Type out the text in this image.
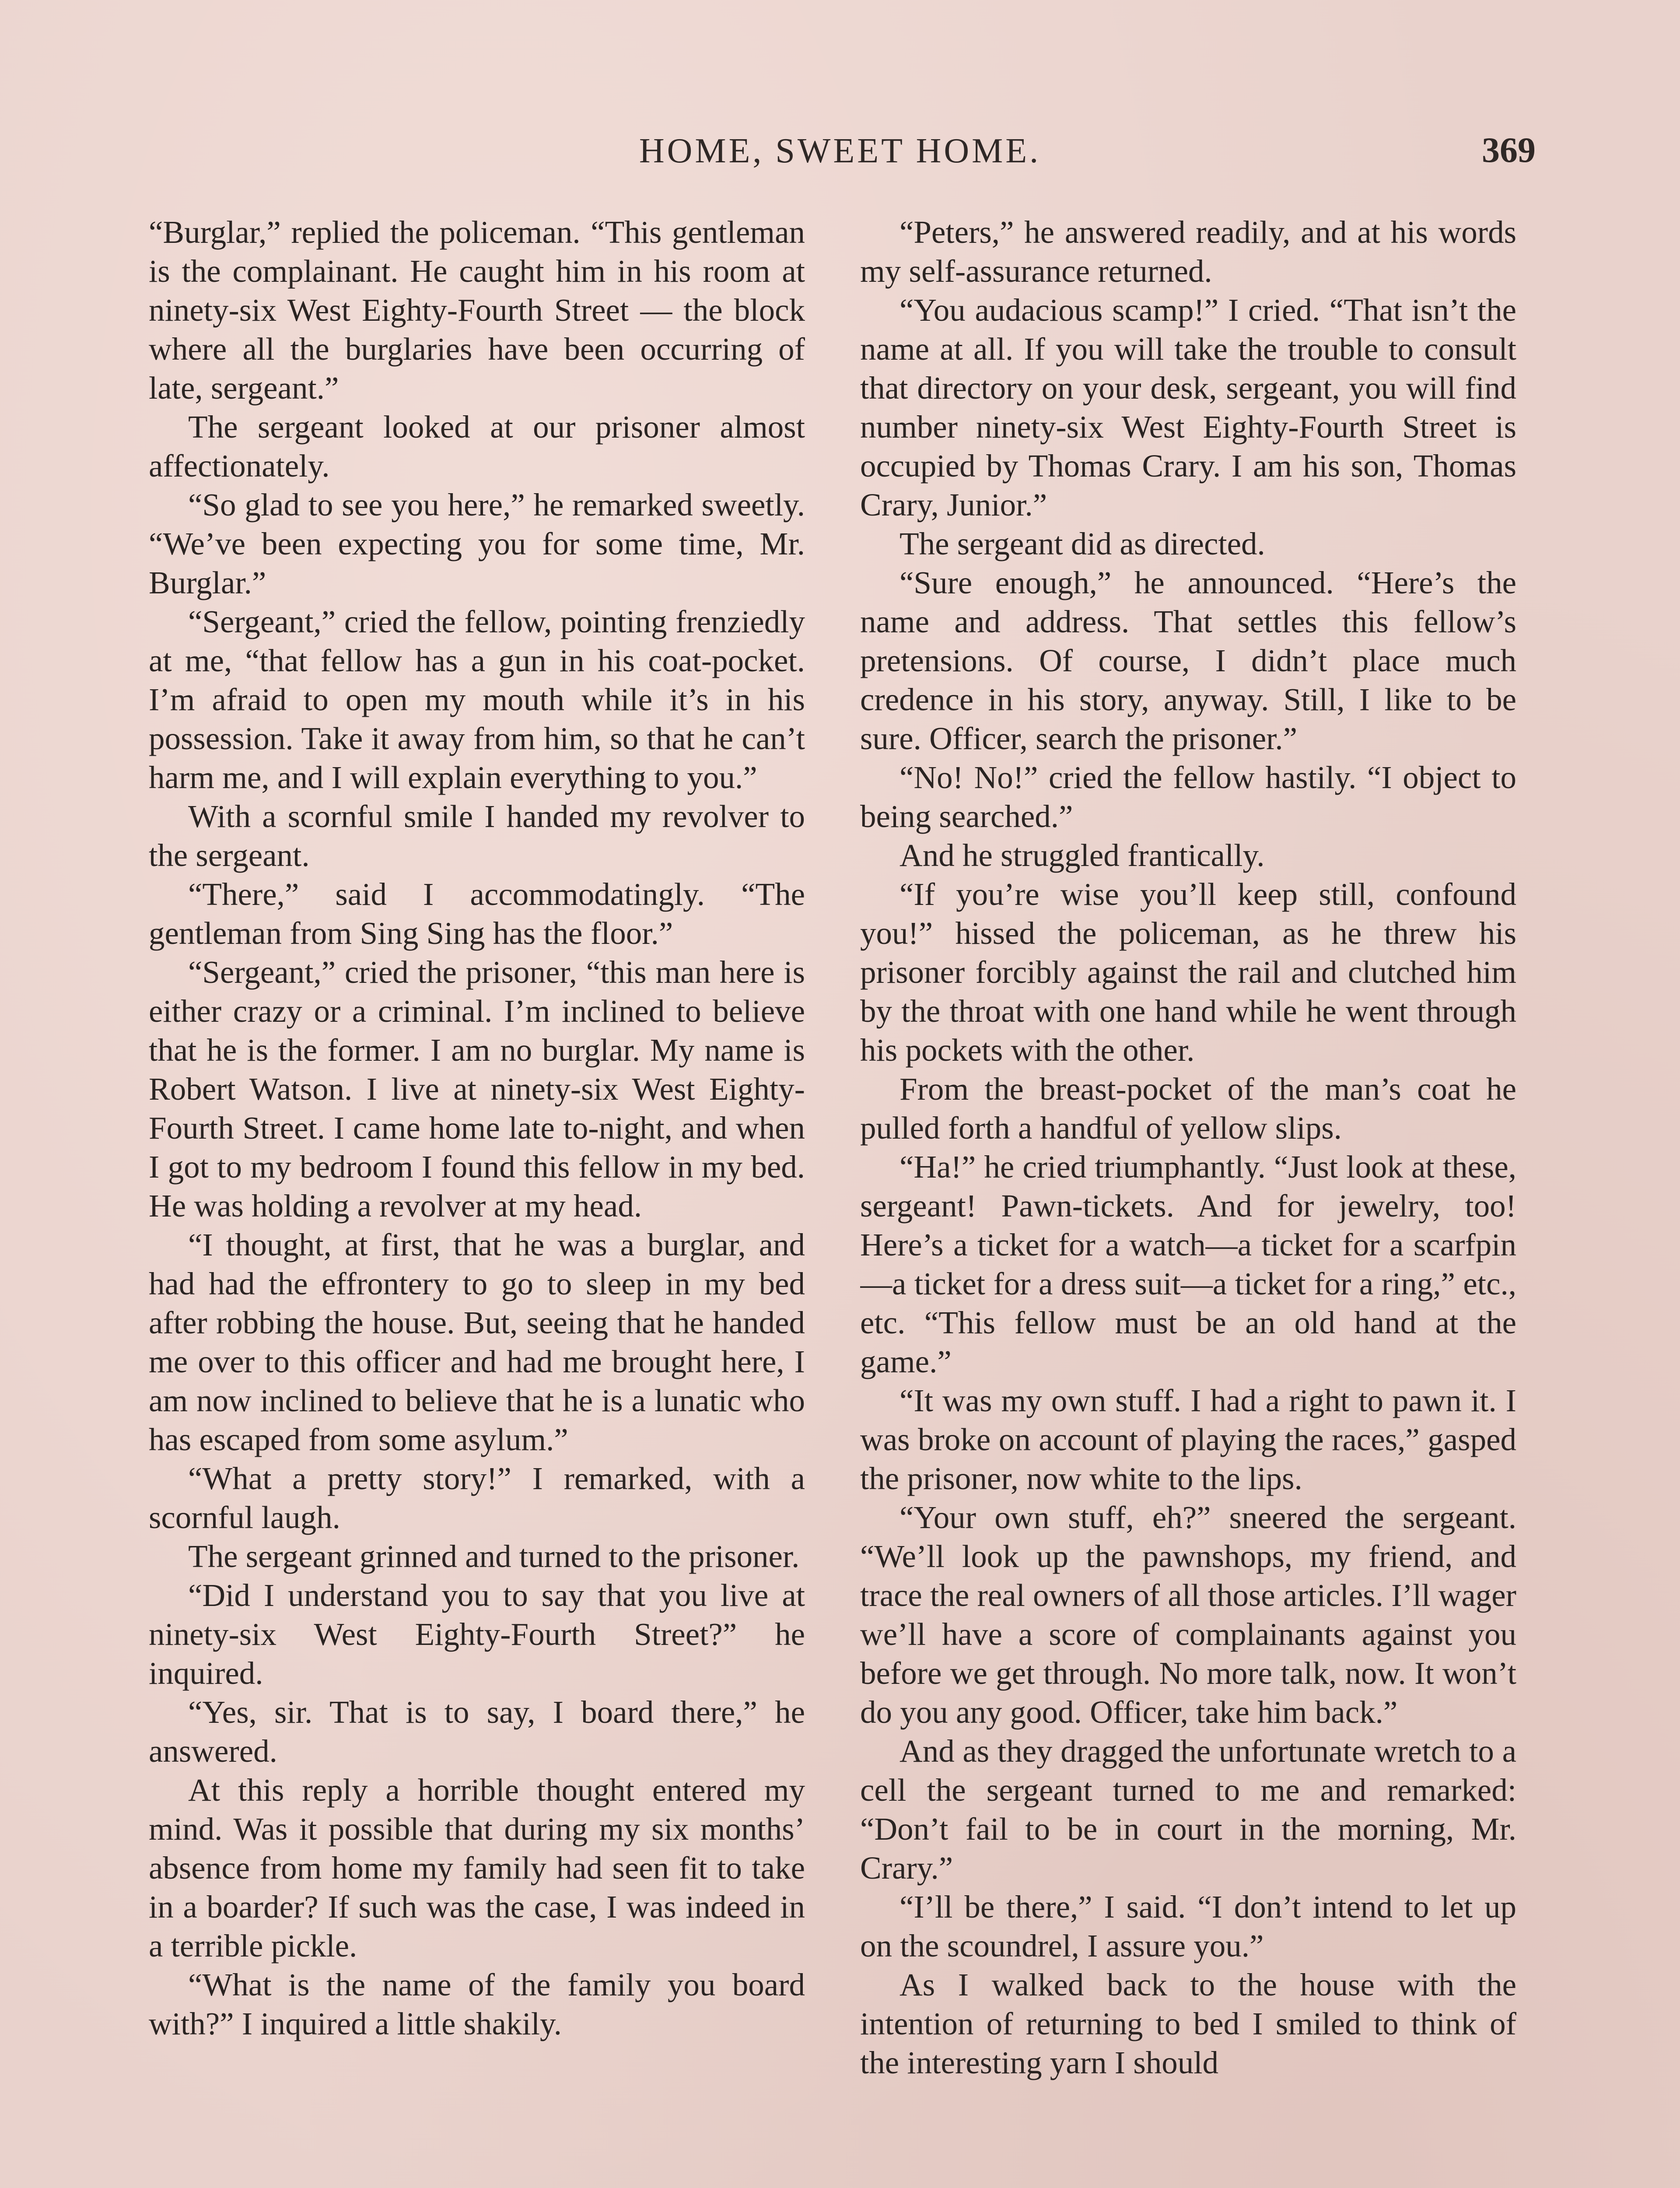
HOME, SWEET HOME.	369

“Burglar,” replied the policeman. “This gentleman is the complainant. He caught him in his room at ninety-six West Eighty-Fourth Street — the block where all the burglaries have been occurring of late, sergeant.”

The sergeant looked at our prisoner almost affectionately.

“So glad to see you here,” he remarked sweetly. “We’ve been expecting you for some time, Mr. Burglar.”

“Sergeant,” cried the fellow, pointing frenziedly at me, “that fellow has a gun in his coat-pocket. I’m afraid to open my mouth while it’s in his possession. Take it away from him, so that he can’t harm me, and I will explain everything to you.”

With a scornful smile I handed my revolver to the sergeant.

“There,” said I accommodatingly. “The gentleman from Sing Sing has the floor.”

“Sergeant,” cried the prisoner, “this man here is either crazy or a criminal. I’m inclined to believe that he is the former. I am no burglar. My name is Robert Watson. I live at ninety-six West Eighty-Fourth Street. I came home late to-night, and when I got to my bedroom I found this fellow in my bed. He was holding a revolver at my head.

“I thought, at first, that he was a burglar, and had had the effrontery to go to sleep in my bed after robbing the house. But, seeing that he handed me over to this officer and had me brought here, I am now inclined to believe that he is a lunatic who has escaped from some asylum.”

“What a pretty story!” I remarked, with a scornful laugh.

The sergeant grinned and turned to the prisoner.

“Did I understand you to say that you live at ninety-six West Eighty-Fourth Street?” he inquired.

“Yes, sir. That is to say, I board there,” he answered.

At this reply a horrible thought entered my mind. Was it possible that during my six months’ absence from home my family had seen fit to take in a boarder? If such was the case, I was indeed in a terrible pickle.

“What is the name of the family you board with?” I inquired a little shakily.

“Peters,” he answered readily, and at his words my self-assurance returned.

“You audacious scamp!” I cried. “That isn’t the name at all. If you will take the trouble to consult that directory on your desk, sergeant, you will find number ninety-six West Eighty-Fourth Street is occupied by Thomas Crary. I am his son, Thomas Crary, Junior.”

The sergeant did as directed.

“Sure enough,” he announced. “Here’s the name and address. That settles this fellow’s pretensions. Of course, I didn’t place much credence in his story, anyway. Still, I like to be sure. Officer, search the prisoner.”

“No! No!” cried the fellow hastily. “I object to being searched.”

And he struggled frantically.

“If you’re wise you’ll keep still, confound you!” hissed the policeman, as he threw his prisoner forcibly against the rail and clutched him by the throat with one hand while he went through his pockets with the other.

From the breast-pocket of the man’s coat he pulled forth a handful of yellow slips.

“Ha!” he cried triumphantly. “Just look at these, sergeant! Pawn-tickets. And for jewelry, too! Here’s a ticket for a watch—a ticket for a scarfpin—a ticket for a dress suit—a ticket for a ring,” etc., etc. “This fellow must be an old hand at the game.”

“It was my own stuff. I had a right to pawn it. I was broke on account of playing the races,” gasped the prisoner, now white to the lips.

“Your own stuff, eh?” sneered the sergeant. “We’ll look up the pawnshops, my friend, and trace the real owners of all those articles. I’ll wager we’ll have a score of complainants against you before we get through. No more talk, now. It won’t do you any good. Officer, take him back.”

And as they dragged the unfortunate wretch to a cell the sergeant turned to me and remarked: “Don’t fail to be in court in the morning, Mr. Crary.”

“I’ll be there,” I said. “I don’t intend to let up on the scoundrel, I assure you.”

As I walked back to the house with the intention of returning to bed I smiled to think of the interesting yarn I should
